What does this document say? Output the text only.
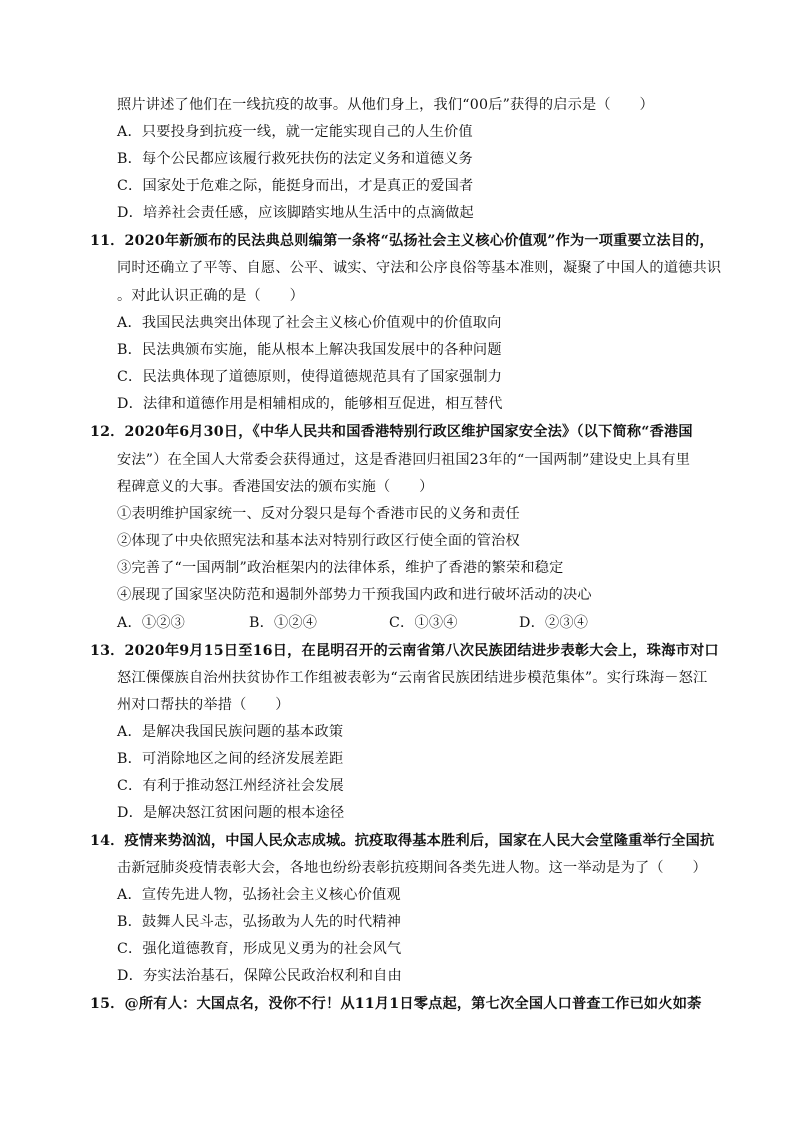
照片讲述了他们在一线抗疫的故事。从他们身上，我们“00后”获得的启示是（　　）
A．只要投身到抗疫一线，就一定能实现自己的人生价值
B．每个公民都应该履行救死扶伤的法定义务和道德义务
C．国家处于危难之际，能挺身而出，才是真正的爱国者
D．培养社会责任感，应该脚踏实地从生活中的点滴做起
11．2020年新颁布的民法典总则编第一条将“弘扬社会主义核心价值观”作为一项重要立法目的，
同时还确立了平等、自愿、公平、诚实、守法和公序良俗等基本准则，凝聚了中国人的道德共识
。对此认识正确的是（　　）
A．我国民法典突出体现了社会主义核心价值观中的价值取向
B．民法典颁布实施，能从根本上解决我国发展中的各种问题
C．民法典体现了道德原则，使得道德规范具有了国家强制力
D．法律和道德作用是相辅相成的，能够相互促进，相互替代
12．2020年6月30日，《中华人民共和国香港特别行政区维护国家安全法》（以下简称“香港国
安法”）在全国人大常委会获得通过，这是香港回归祖国23年的“一国两制”建设史上具有里
程碑意义的大事。香港国安法的颁布实施（　　）
①表明维护国家统一、反对分裂只是每个香港市民的义务和责任
②体现了中央依照宪法和基本法对特别行政区行使全面的管治权
③完善了“一国两制”政治框架内的法律体系，维护了香港的繁荣和稳定
④展现了国家坚决防范和遏制外部势力干预我国内政和进行破坏活动的决心
A．①②③	B．①②④	C．①③④	D．②③④
13．2020年9月15日至16日，在昆明召开的云南省第八次民族团结进步表彰大会上，珠海市对口
怒江傈僳族自治州扶贫协作工作组被表彰为“云南省民族团结进步模范集体”。实行珠海－怒江
州对口帮扶的举措（　　）
A．是解决我国民族问题的基本政策
B．可消除地区之间的经济发展差距
C．有利于推动怒江州经济社会发展
D．是解决怒江贫困问题的根本途径
14．疫情来势汹汹，中国人民众志成城。抗疫取得基本胜利后，国家在人民大会堂隆重举行全国抗
击新冠肺炎疫情表彰大会，各地也纷纷表彰抗疫期间各类先进人物。这一举动是为了（　　）
A．宣传先进人物，弘扬社会主义核心价值观
B．鼓舞人民斗志，弘扬敢为人先的时代精神
C．强化道德教育，形成见义勇为的社会风气
D．夯实法治基石，保障公民政治权利和自由
15．@所有人：大国点名，没你不行！从11月1日零点起，第七次全国人口普查工作已如火如荼
